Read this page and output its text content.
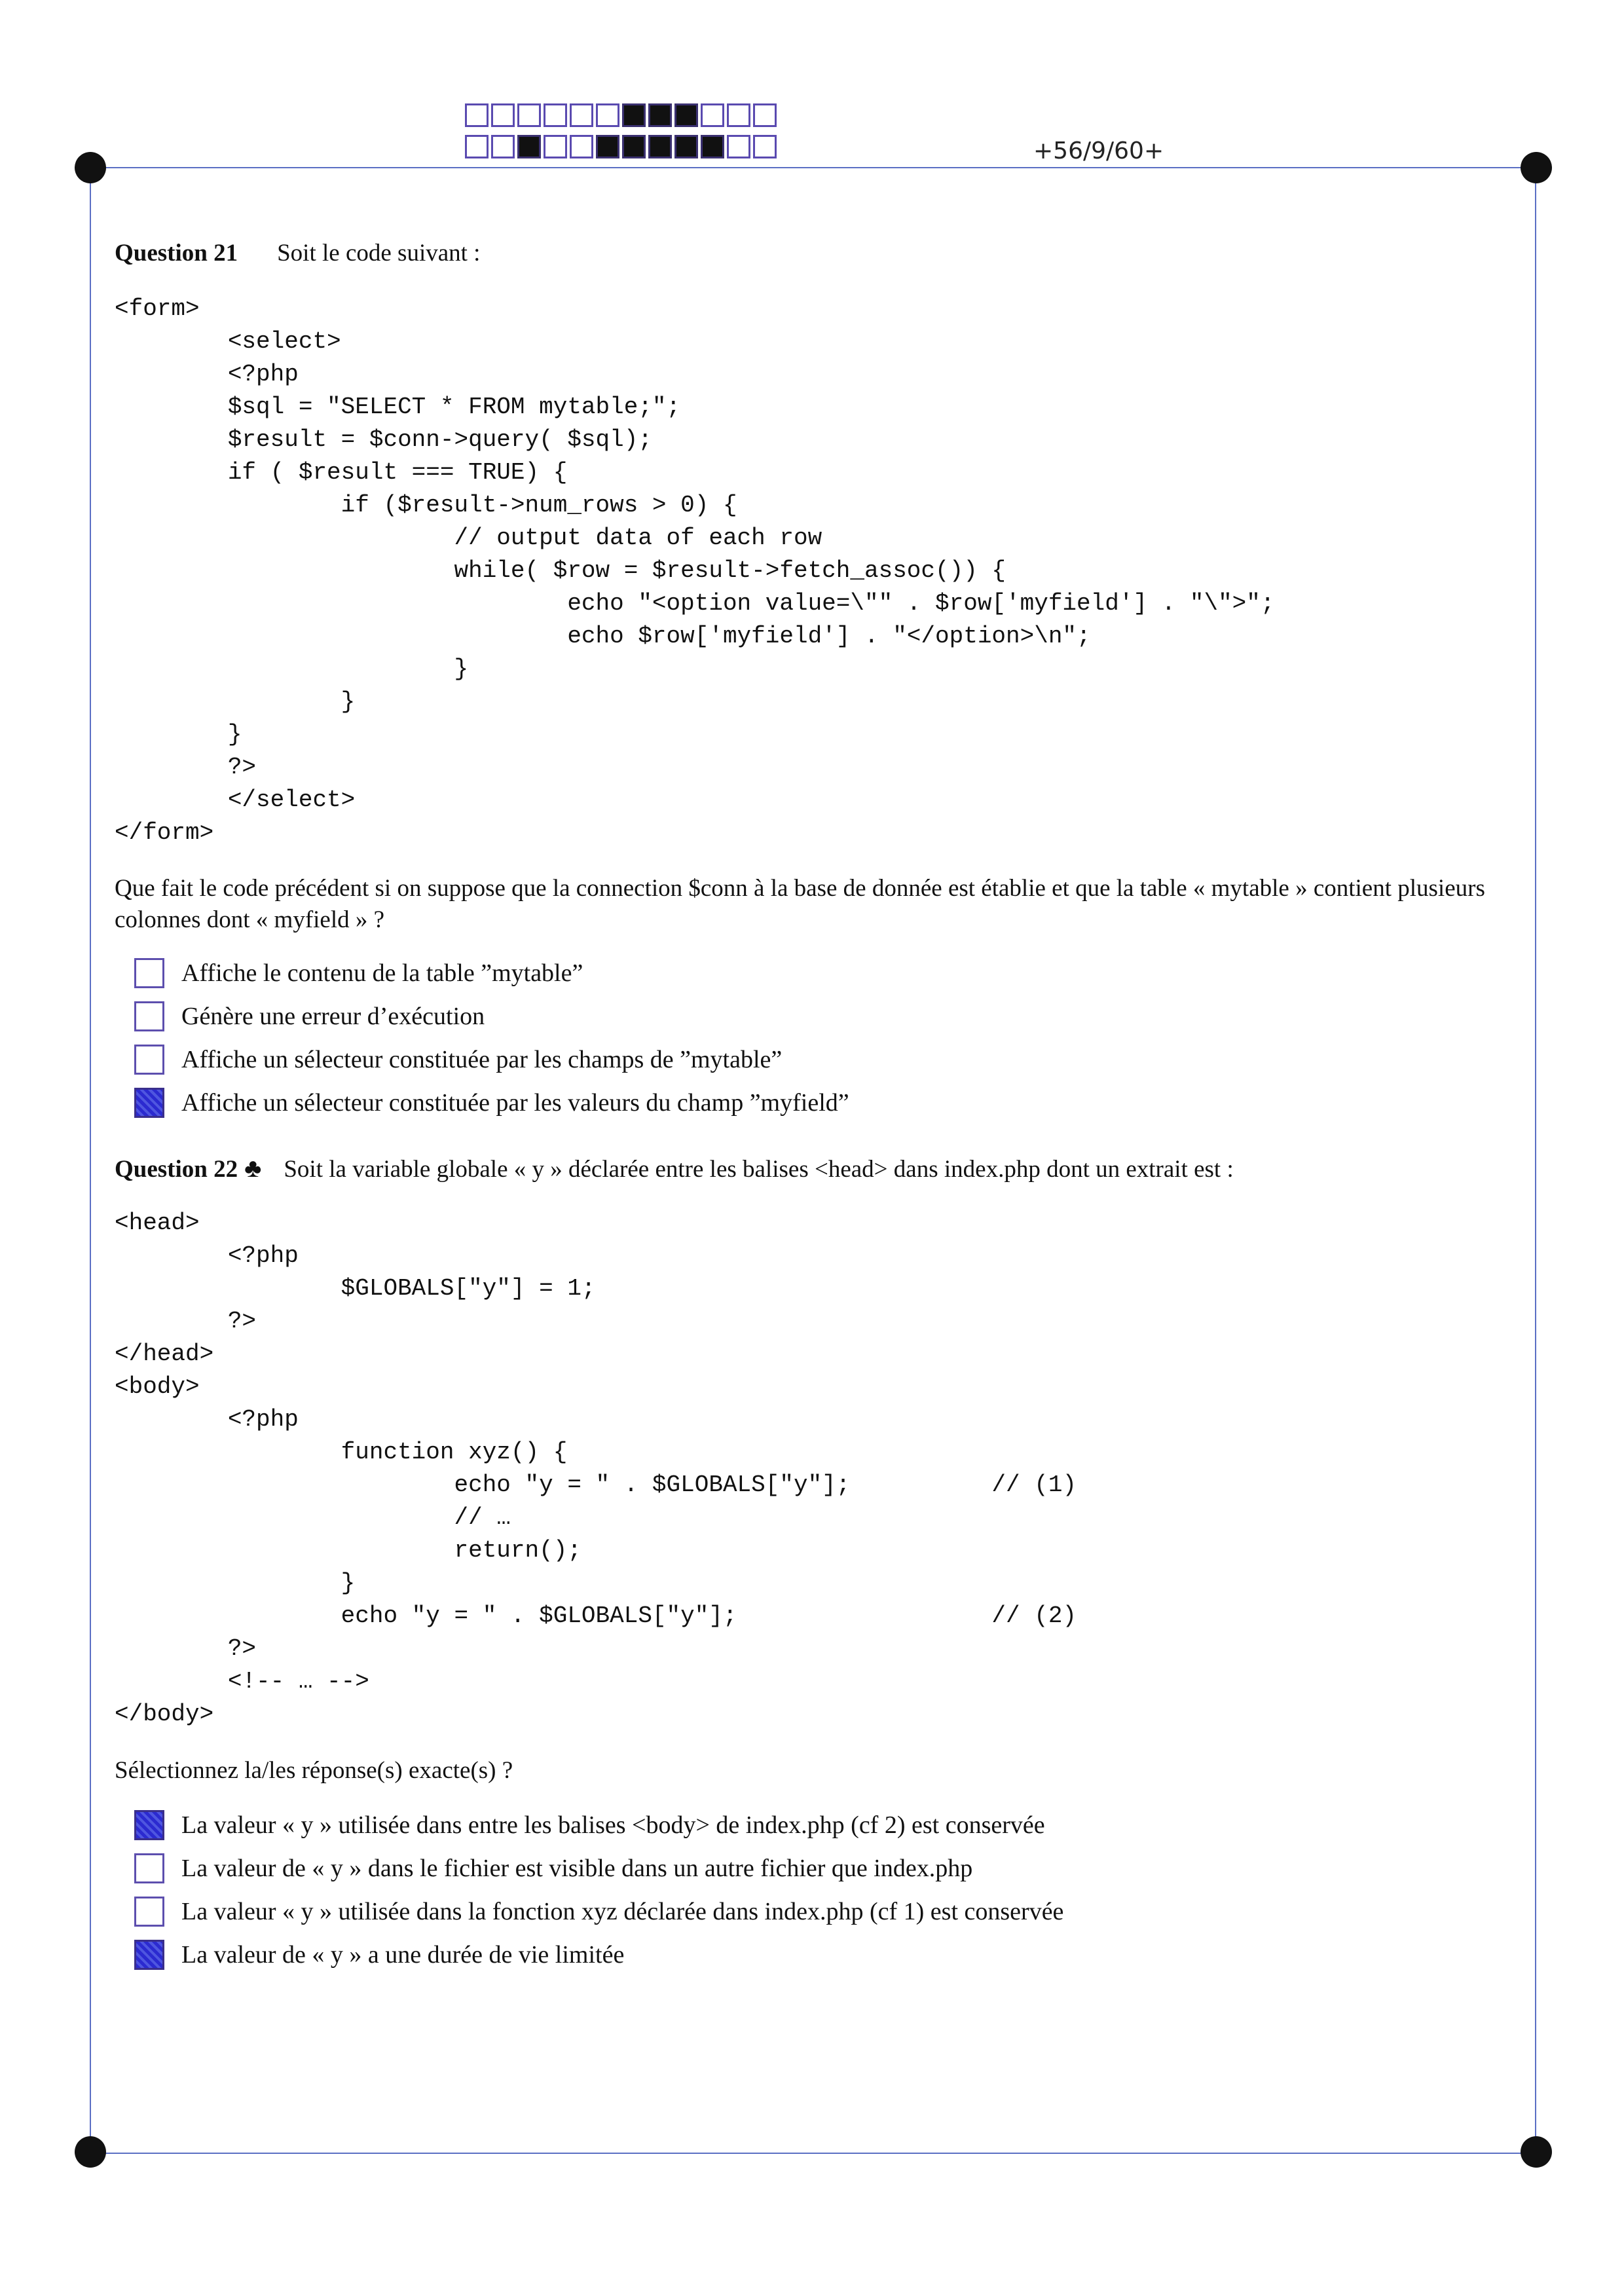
+56/9/60+
Question 21 Soit le code suivant :
<form>
<select>
<?php
$sql = "SELECT * FROM mytable;";
$result = $conn->query( $sql);
if ( $result === TRUE) {
if ($result->num_rows > 0) {
// output data of each row
while( $row = $result->fetch_assoc()) {
echo "<option value=\"" . $row['myfield'] . "\">";
echo $row['myfield'] . "</option>\n";
}
}
}
?>
</select>
</form>

Que fait le code précédent si on suppose que la connection $conn à la base de donnée est établie et que la table « mytable » contient plusieurs colonnes dont « myfield » ?

Affiche le contenu de la table ”mytable”
Génère une erreur d’exécution
Affiche un sélecteur constituée par les champs de ”mytable”
Affiche un sélecteur constituée par les valeurs du champ ”myfield”
Question 22 ♣ Soit la variable globale « y » déclarée entre les balises <head> dans index.php dont un extrait est :
<head>
<?php
$GLOBALS["y"] = 1;
?>
</head>
<body>
<?php
function xyz() {
echo "y = " . $GLOBALS["y"];          // (1)
// …
return();
}
echo "y = " . $GLOBALS["y"];                  // (2)
?>
<!-- … -->
</body>

Sélectionnez la/les réponse(s) exacte(s) ?

La valeur « y » utilisée dans entre les balises <body> de index.php (cf 2) est conservée
La valeur de « y » dans le fichier est visible dans un autre fichier que index.php
La valeur « y » utilisée dans la fonction xyz déclarée dans index.php (cf 1) est conservée
La valeur de « y » a une durée de vie limitée
